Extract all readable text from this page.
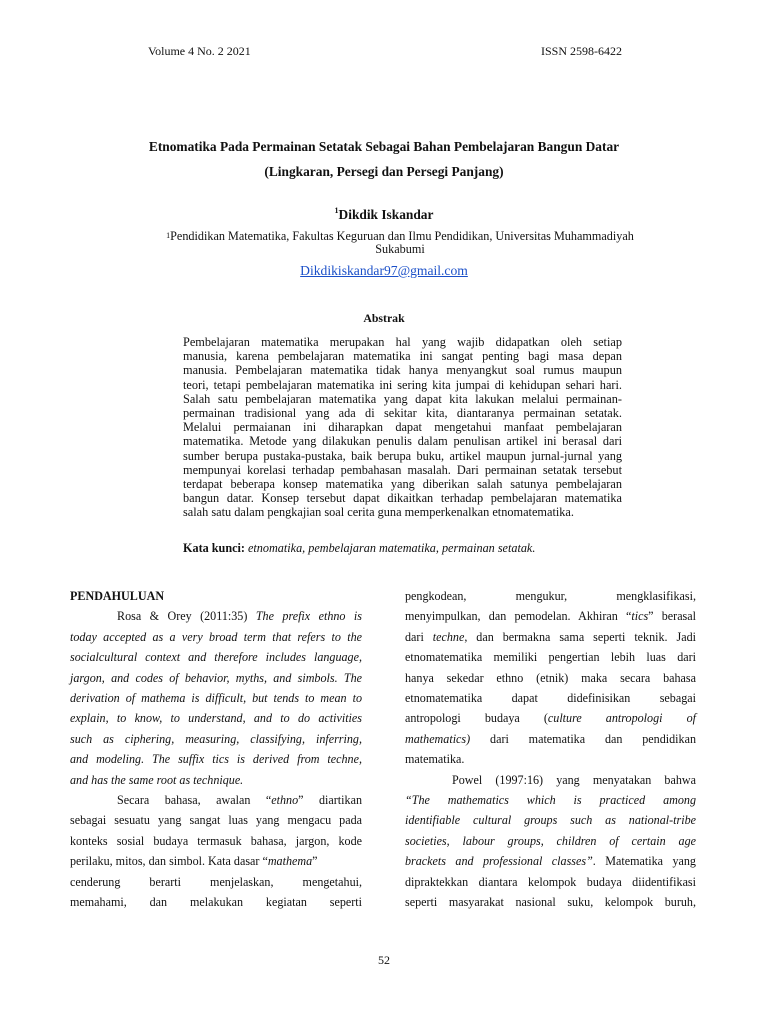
Volume 4 No. 2 2021	ISSN 2598-6422
Etnomatika Pada Permainan Setatak Sebagai Bahan Pembelajaran Bangun Datar
(Lingkaran, Persegi dan Persegi Panjang)
$^1$Dikdik Iskandar
$^1$Pendidikan Matematika, Fakultas Keguruan dan Ilmu Pendidikan, Universitas Muhammadiyah
Sukabumi
Dikdikiskandar97@gmail.com
Abstrak
Pembelajaran matematika merupakan hal yang wajib didapatkan oleh setiap
manusia, karena pembelajaran matematika ini sangat penting bagi masa depan
manusia. Pembelajaran matematika tidak hanya menyangkut soal rumus maupun
teori, tetapi pembelajaran matematika ini sering kita jumpai di kehidupan sehari hari.
Salah satu pembelajaran matematika yang dapat kita lakukan melalui permainan-
permainan tradisional yang ada di sekitar kita, diantaranya permainan setatak.
Melalui permaianan ini diharapkan dapat mengetahui manfaat pembelajaran
matematika. Metode yang dilakukan penulis dalam penulisan artikel ini berasal dari
sumber berupa pustaka-pustaka, baik berupa buku, artikel maupun jurnal-jurnal yang
mempunyai korelasi terhadap pembahasan masalah. Dari permainan setatak tersebut
terdapat beberapa konsep matematika yang diberikan salah satunya pembelajaran
bangun datar. Konsep tersebut dapat dikaitkan terhadap pembelajaran matematika
salah satu dalam pengkajian soal cerita guna memperkenalkan etnomatematika.
Kata kunci: etnomatika, pembelajaran matematika, permainan setatak.
PENDAHULUAN
Rosa & Orey (2011:35) The prefix ethno is
today accepted as a very broad term that refers to the
socialcultural context and therefore includes language,
jargon, and codes of behavior, myths, and simbols. The
derivation of mathema is difficult, but tends to mean to
explain, to know, to understand, and to do activities
such as ciphering, measuring, classifying, inferring,
and modeling. The suffix tics is derived from techne,
and has the same root as technique.
Secara bahasa, awalan “ethno” diartikan
sebagai sesuatu yang sangat luas yang mengacu pada
konteks sosial budaya termasuk bahasa, jargon, kode
perilaku, mitos, dan simbol. Kata dasar “mathema”
cenderung berarti menjelaskan, mengetahui,
memahami, dan melakukan kegiatan seperti
pengkodean, mengukur, mengklasifikasi,
menyimpulkan, dan pemodelan. Akhiran “tics” berasal
dari techne, dan bermakna sama seperti teknik. Jadi
etnomatematika memiliki pengertian lebih luas dari
hanya sekedar ethno (etnik) maka secara bahasa
etnomatematika dapat didefinisikan sebagai
antropologi budaya (culture antropologi of
mathematics) dari matematika dan pendidikan
matematika.
Powel (1997:16) yang menyatakan bahwa
“The mathematics which is practiced among
identifiable cultural groups such as national-tribe
societies, labour groups, children of certain age
brackets and professional classes”. Matematika yang
dipraktekkan diantara kelompok budaya diidentifikasi
seperti masyarakat nasional suku, kelompok buruh,
52
